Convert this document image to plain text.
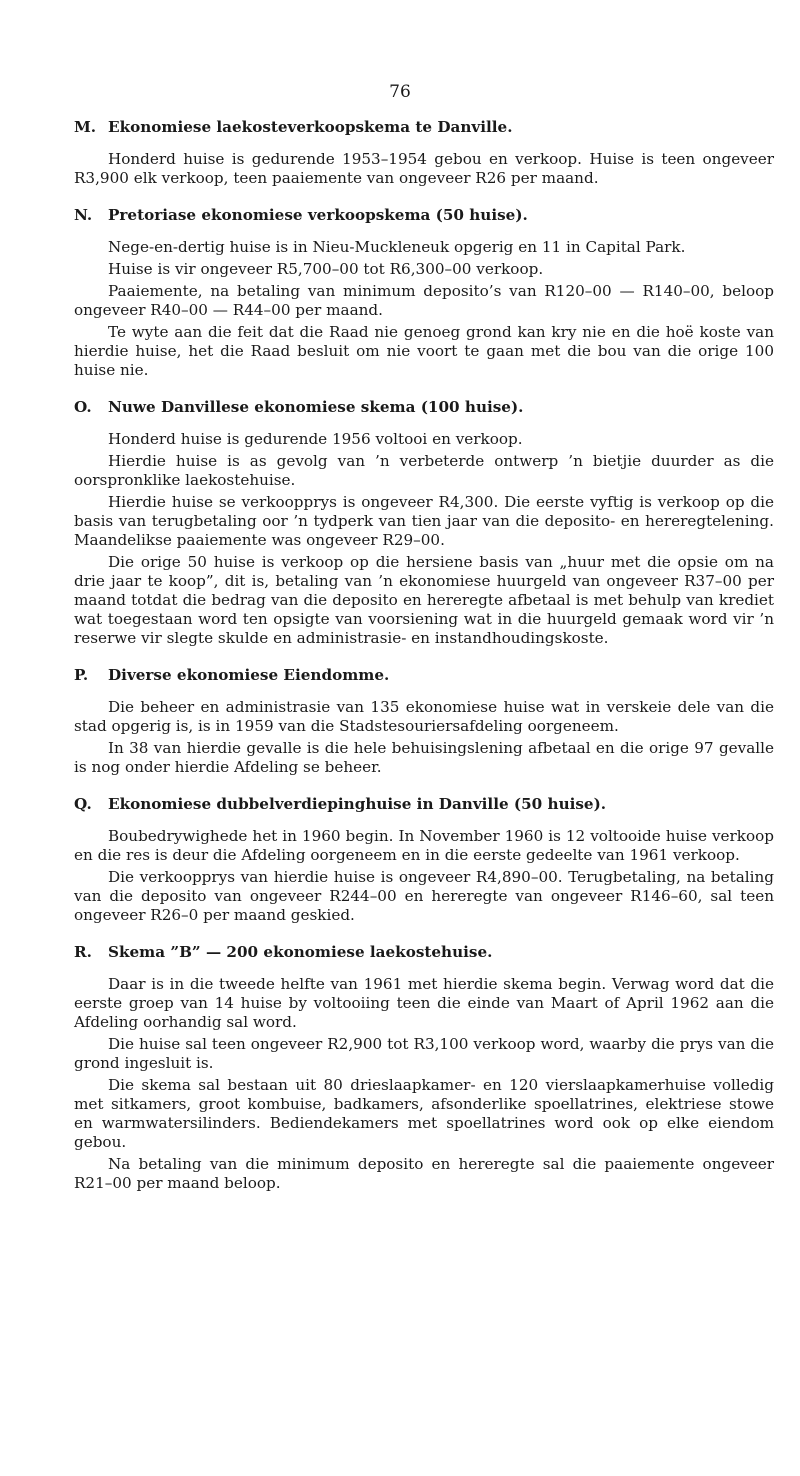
76
M. Ekonomiese laekosteverkoopskema te Danville.

Honderd huise is gedurende 1953–1954 gebou en verkoop. Huise is teen ongeveer R3,900 elk verkoop, teen paaiemente van ongeveer R26 per maand.

N.	Pretoriase ekonomiese verkoopskema (50 huise).

Nege-en-dertig huise is in Nieu-Muckleneuk opgerig en 11 in Capital Park.

Huise is vir ongeveer R5,700–00 tot R6,300–00 verkoop.

Paaiemente, na betaling van minimum deposito’s van R120–00 — R140–00, beloop ongeveer R40–00 — R44–00 per maand.

Te wyte aan die feit dat die Raad nie genoeg grond kan kry nie en die hoë koste van hierdie huise, het die Raad besluit om nie voort te gaan met die bou van die orige 100 huise nie.

O.	Nuwe Danvillese ekonomiese skema (100 huise).

Honderd huise is gedurende 1956 voltooi en verkoop.

Hierdie huise is as gevolg van ’n verbeterde ontwerp ’n bietjie duurder as die oorspronklike laekostehuise.

Hierdie huise se verkoopprys is ongeveer R4,300. Die eerste vyftig is verkoop op die basis van terugbetaling oor ’n tydperk van tien jaar van die deposito- en hereregtelening. Maandelikse paaiemente was ongeveer R29–00.

Die orige 50 huise is verkoop op die hersiene basis van „huur met die opsie om na drie jaar te koop”, dit is, betaling van ’n ekonomiese huurgeld van ongeveer R37–00 per maand totdat die bedrag van die deposito en hereregte afbetaal is met behulp van krediet wat toegestaan word ten opsigte van voorsiening wat in die huurgeld gemaak word vir ’n reserwe vir slegte skulde en administrasie- en instandhoudingskoste.

P.	Diverse ekonomiese Eiendomme.

Die beheer en administrasie van 135 ekonomiese huise wat in verskeie dele van die stad opgerig is, is in 1959 van die Stadstesouriersafdeling oorgeneem.

In 38 van hierdie gevalle is die hele behuisingslening afbetaal en die orige 97 gevalle is nog onder hierdie Afdeling se beheer.

Q.	Ekonomiese dubbelverdiepinghuise in Danville (50 huise).

Boubedrywighede het in 1960 begin. In November 1960 is 12 voltooide huise verkoop en die res is deur die Afdeling oorgeneem en in die eerste gedeelte van 1961 verkoop.

Die verkoopprys van hierdie huise is ongeveer R4,890–00. Terugbetaling, na betaling van die deposito van ongeveer R244–00 en hereregte van ongeveer R146–60, sal teen ongeveer R26–0 per maand geskied.

R.	Skema ”B” — 200 ekonomiese laekostehuise.

Daar is in die tweede helfte van 1961 met hierdie skema begin. Verwag word dat die eerste groep van 14 huise by voltooiing teen die einde van Maart of April 1962 aan die Afdeling oorhandig sal word.

Die huise sal teen ongeveer R2,900 tot R3,100 verkoop word, waarby die prys van die grond ingesluit is.

Die skema sal bestaan uit 80 drieslaapkamer- en 120 vierslaapkamerhuise volledig met sitkamers, groot kombuise, badkamers, afsonderlike spoellatrines, elektriese stowe en warmwatersilinders. Bediendekamers met spoellatrines word ook op elke eiendom gebou.

Na betaling van die minimum deposito en hereregte sal die paaiemente ongeveer R21–00 per maand beloop.
